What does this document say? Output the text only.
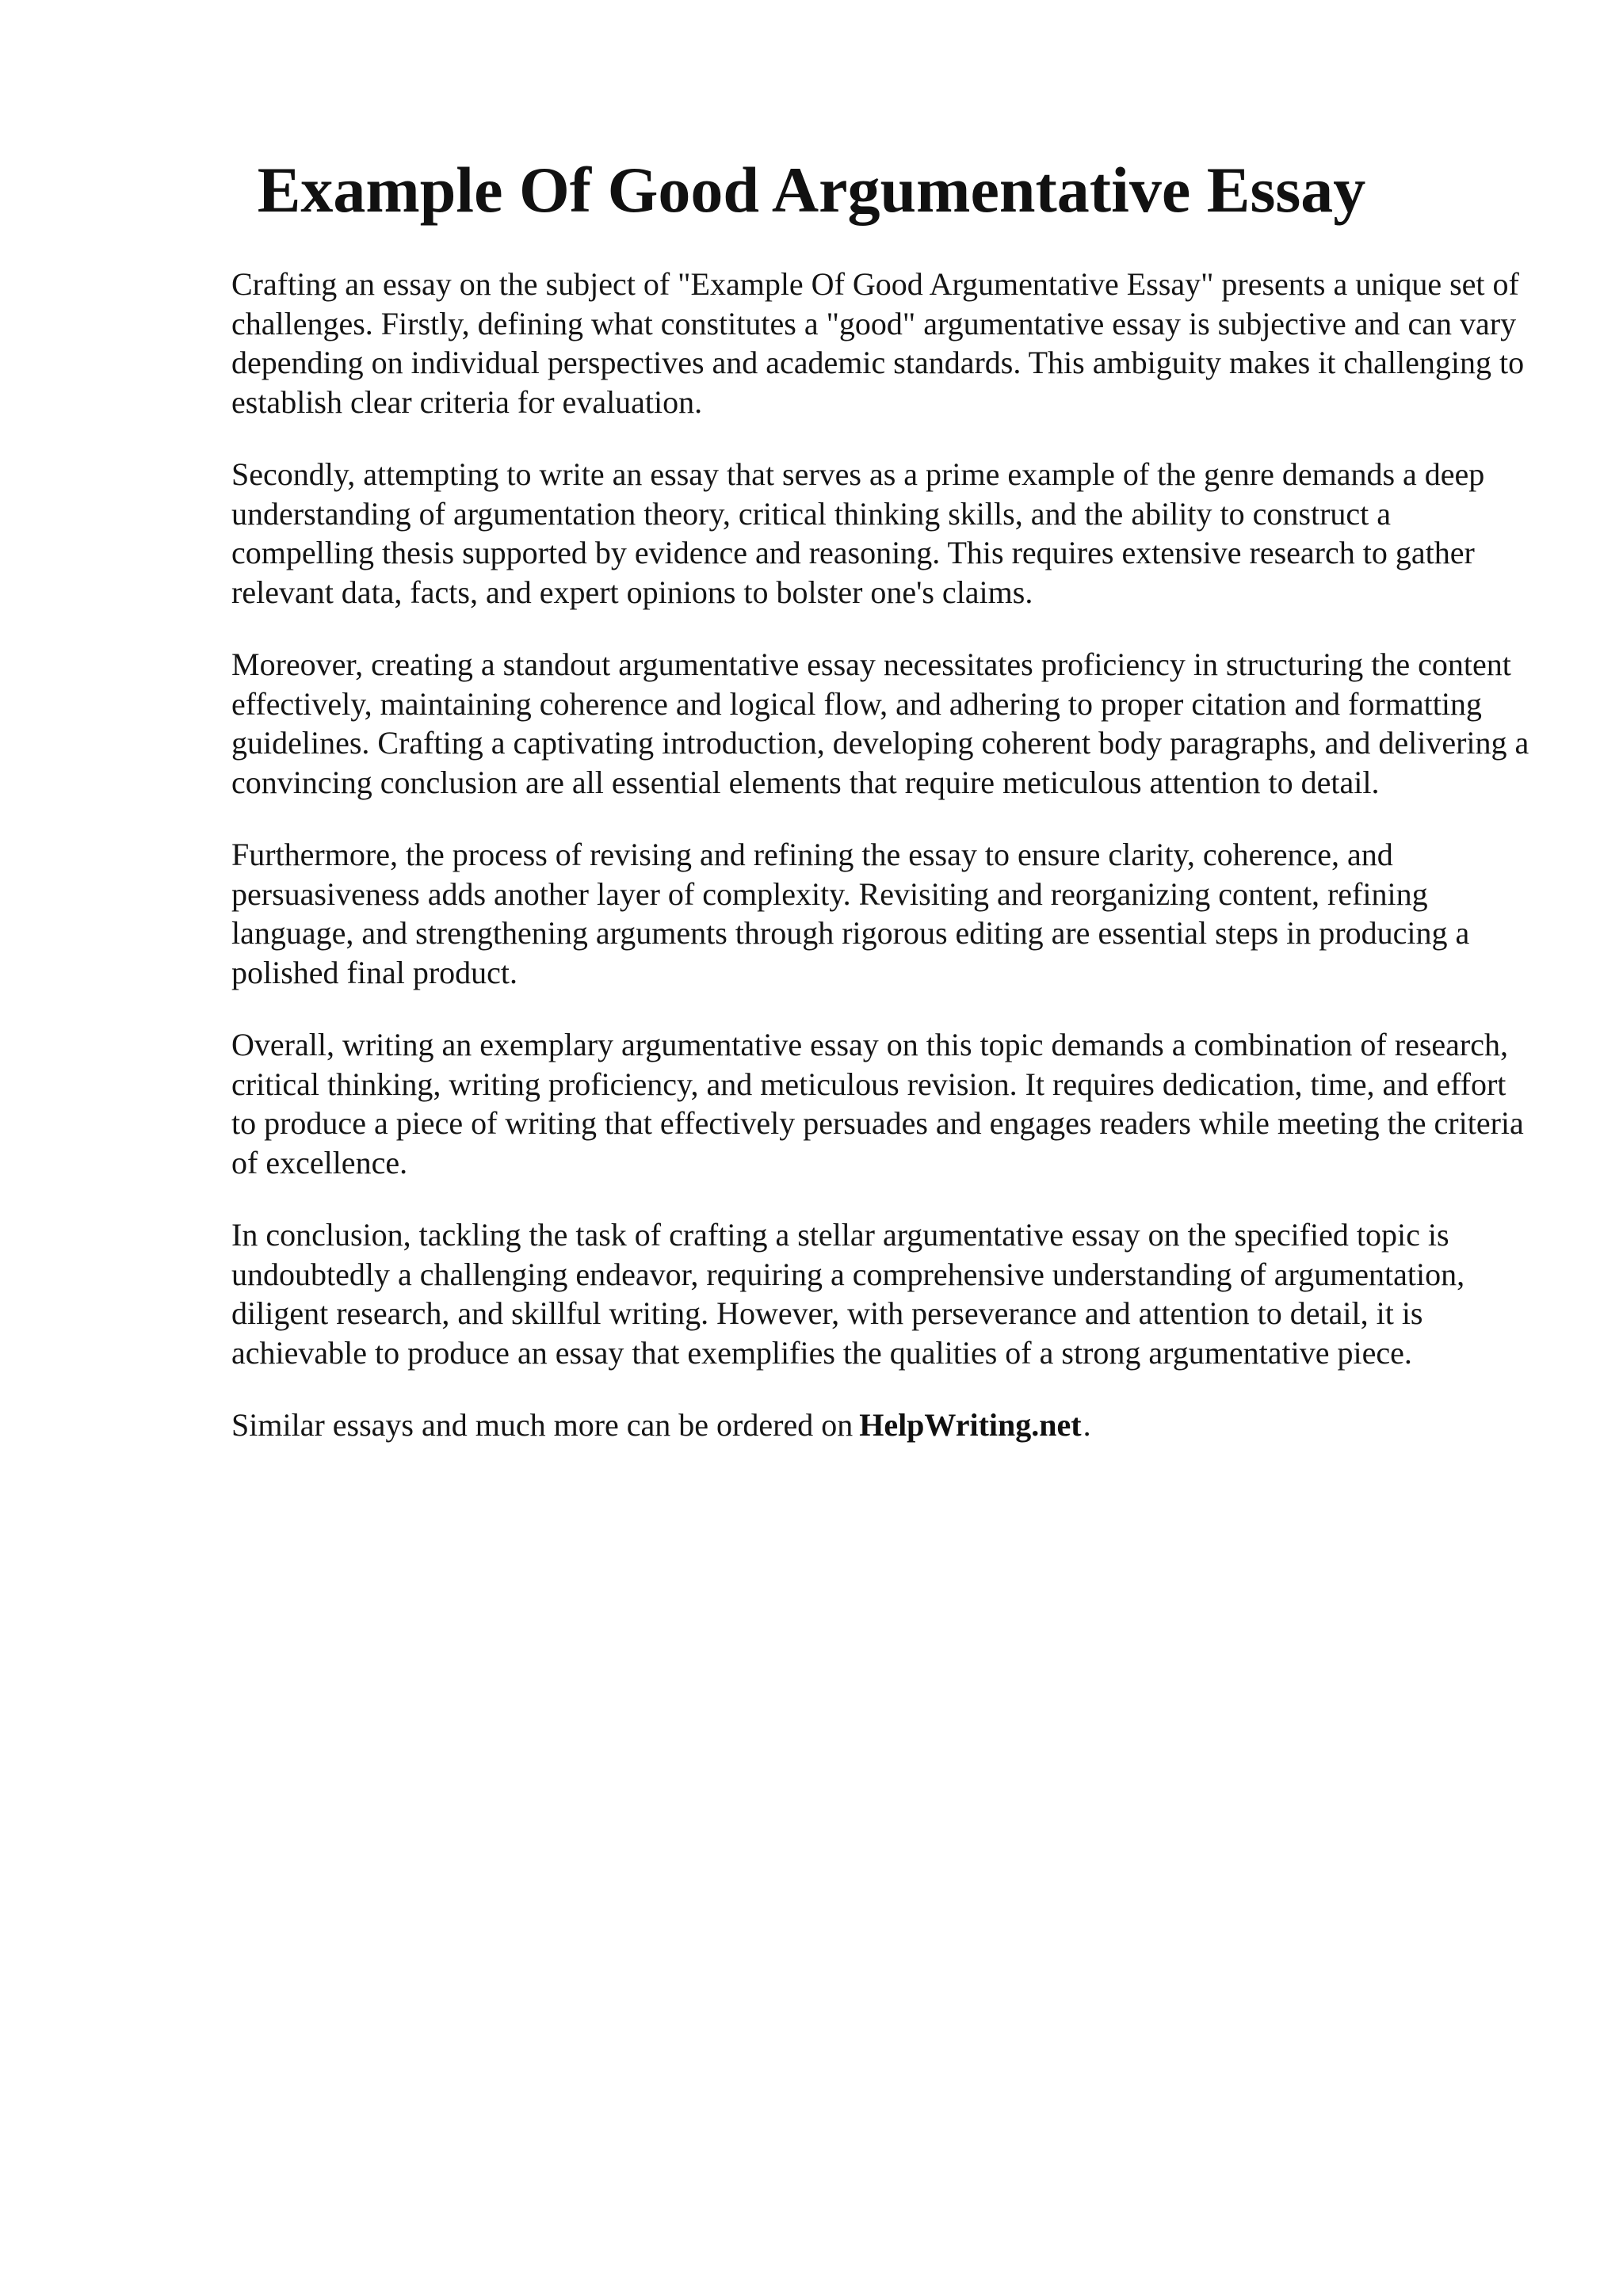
Example Of Good Argumentative Essay

Crafting an essay on the subject of "Example Of Good Argumentative Essay" presents a unique set of challenges. Firstly, defining what constitutes a "good" argumentative essay is subjective and can vary depending on individual perspectives and academic standards. This ambiguity makes it challenging to establish clear criteria for evaluation.

Secondly, attempting to write an essay that serves as a prime example of the genre demands a deep understanding of argumentation theory, critical thinking skills, and the ability to construct a compelling thesis supported by evidence and reasoning. This requires extensive research to gather relevant data, facts, and expert opinions to bolster one's claims.

Moreover, creating a standout argumentative essay necessitates proficiency in structuring the content effectively, maintaining coherence and logical flow, and adhering to proper citation and formatting guidelines. Crafting a captivating introduction, developing coherent body paragraphs, and delivering a convincing conclusion are all essential elements that require meticulous attention to detail.

Furthermore, the process of revising and refining the essay to ensure clarity, coherence, and persuasiveness adds another layer of complexity. Revisiting and reorganizing content, refining language, and strengthening arguments through rigorous editing are essential steps in producing a polished final product.

Overall, writing an exemplary argumentative essay on this topic demands a combination of research, critical thinking, writing proficiency, and meticulous revision. It requires dedication, time, and effort to produce a piece of writing that effectively persuades and engages readers while meeting the criteria of excellence.

In conclusion, tackling the task of crafting a stellar argumentative essay on the specified topic is undoubtedly a challenging endeavor, requiring a comprehensive understanding of argumentation, diligent research, and skillful writing. However, with perseverance and attention to detail, it is achievable to produce an essay that exemplifies the qualities of a strong argumentative piece.

Similar essays and much more can be ordered on HelpWriting.net.
